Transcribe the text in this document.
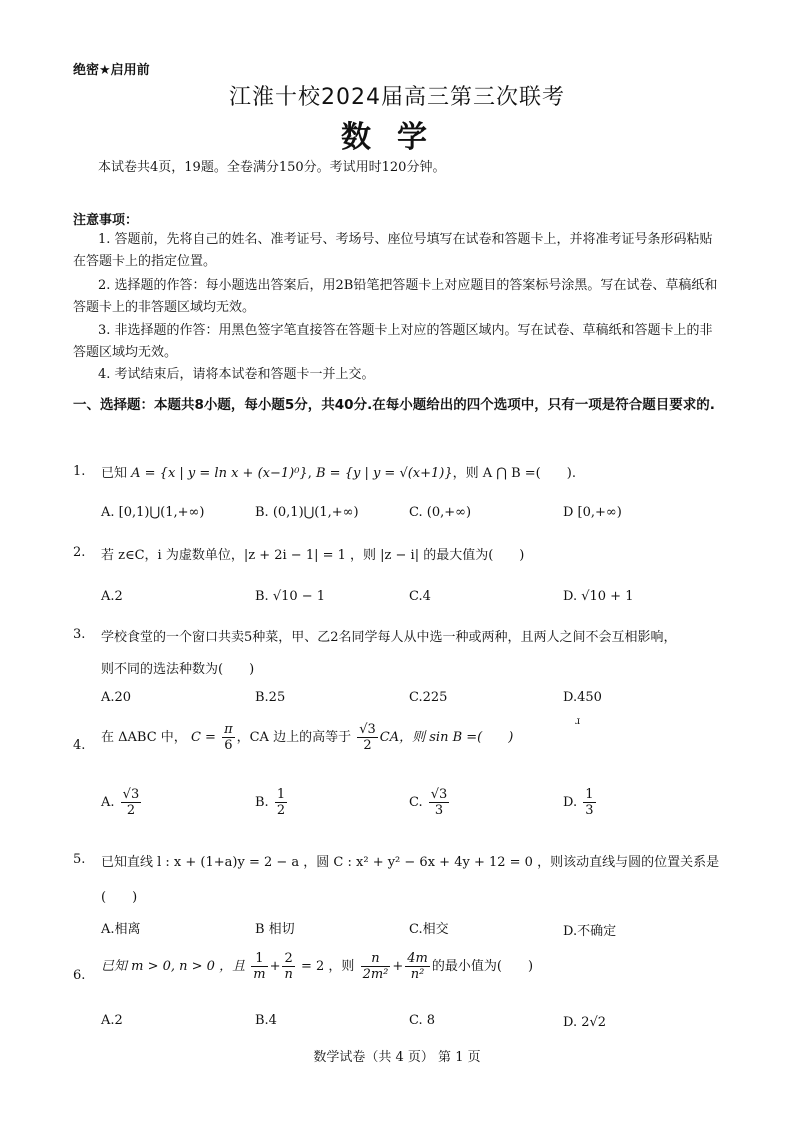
绝密★启用前
江淮十校2024届高三第三次联考
数学
本试卷共4页，19题。全卷满分150分。考试用时120分钟。
注意事项：
1. 答题前，先将自己的姓名、准考证号、考场号、座位号填写在试卷和答题卡上，并将准考证号条形码粘贴在答题卡上的指定位置。
2. 选择题的作答：每小题选出答案后，用2B铅笔把答题卡上对应题目的答案标号涂黑。写在试卷、草稿纸和答题卡上的非答题区域均无效。
3. 非选择题的作答：用黑色签字笔直接答在答题卡上对应的答题区域内。写在试卷、草稿纸和答题卡上的非答题区域均无效。
4. 考试结束后，请将本试卷和答题卡一并上交。
一、选择题：本题共8小题，每小题5分，共40分.在每小题给出的四个选项中，只有一项是符合题目要求的.
1. 已知 A = {x | y = ln x + (x−1)⁰}, B = {y | y = √(x+1)}，则 A ⋂ B =(　　).
A. [0,1)⋃(1,+∞)	B. (0,1)⋃(1,+∞)	C. (0,+∞)	D [0,+∞)
2. 若 z∈C，i 为虚数单位，|z + 2i − 1| = 1 ，则 |z − i| 的最大值为(　　)
A.2	B. √10 − 1	C.4	D. √10 + 1
3. 学校食堂的一个窗口共卖5种菜，甲、乙2名同学每人从中选一种或两种，且两人之间不会互相影响，
则不同的选法种数为(　　)
A.20	B.25	C.225	D.450
ɹ
4.
在 ΔABC 中， $C = \frac{\pi}{6}$ ，CA 边上的高等于 $\frac{√3}{2}$ CA，则 sin B =(　　)
A. $\frac{√3}{2}$	B. $\frac{1}{2}$	C. $\frac{√3}{3}$	D. $\frac{1}{3}$
5. 已知直线 l : x + (1+a)y = 2 − a ，圆 C : x² + y² − 6x + 4y + 12 = 0 ，则该动直线与圆的位置关系是
(　　)
A.相离	B 相切	C.相交	D.不确定
6.
已知 m > 0, n > 0 ，且 $\frac{1}{m} + \frac{2}{n} = 2$ ，则 $\frac{n}{\text{2m²}} + \frac{4m}{\text{n²}}$ 的最小值为(　　)
A.2	B.4	C. 8	D. 2√2
数学试卷（共 4 页） 第 1 页
